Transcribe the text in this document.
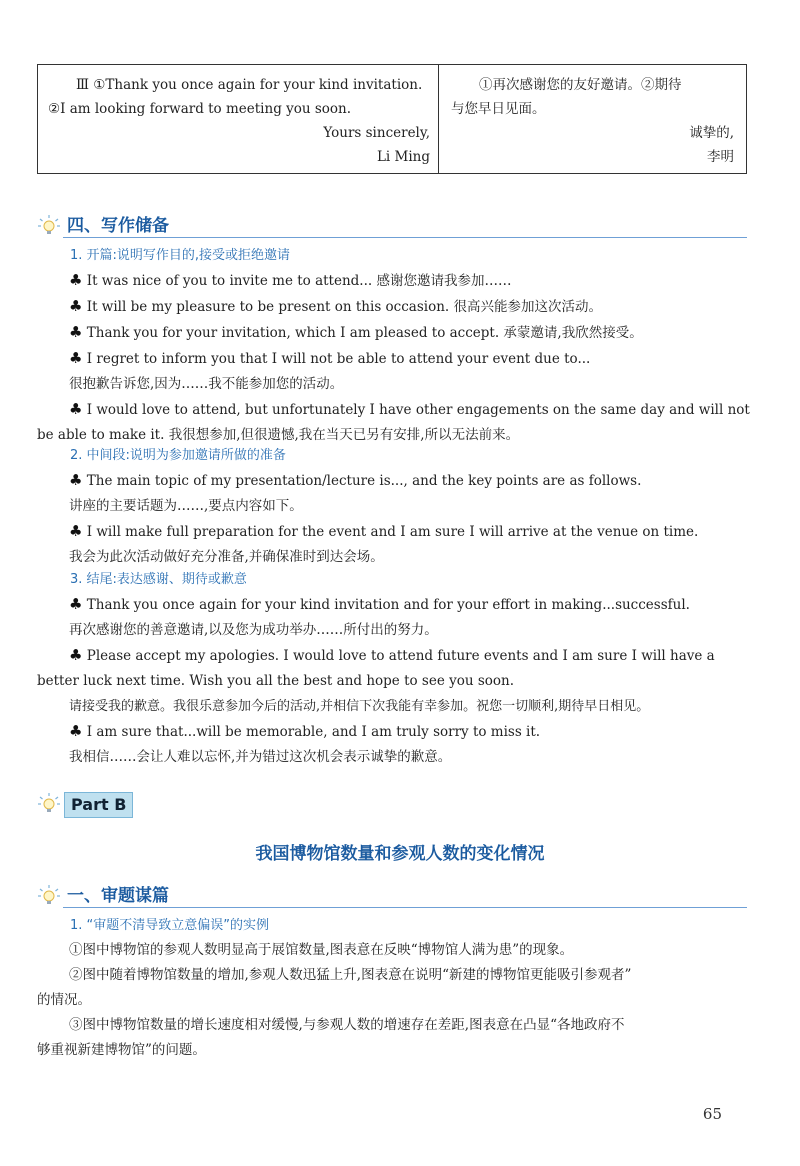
Ⅲ ①Thank you once again for your kind invitation.
②I am looking forward to meeting you soon.
Yours sincerely,
Li Ming
①再次感谢您的友好邀请。②期待
与您早日见面。
诚挚的,
李明
四、写作储备
1. 开篇:说明写作目的,接受或拒绝邀请
♣ It was nice of you to invite me to attend... 感谢您邀请我参加……
♣ It will be my pleasure to be present on this occasion. 很高兴能参加这次活动。
♣ Thank you for your invitation, which I am pleased to accept. 承蒙邀请,我欣然接受。
♣ I regret to inform you that I will not be able to attend your event due to...
很抱歉告诉您,因为……我不能参加您的活动。
♣ I would love to attend, but unfortunately I have other engagements on the same day and will not
be able to make it. 我很想参加,但很遗憾,我在当天已另有安排,所以无法前来。
2. 中间段:说明为参加邀请所做的准备
♣ The main topic of my presentation/lecture is..., and the key points are as follows.
讲座的主要话题为……,要点内容如下。
♣ I will make full preparation for the event and I am sure I will arrive at the venue on time.
我会为此次活动做好充分准备,并确保准时到达会场。
3. 结尾:表达感谢、期待或歉意
♣ Thank you once again for your kind invitation and for your effort in making...successful.
再次感谢您的善意邀请,以及您为成功举办……所付出的努力。
♣ Please accept my apologies. I would love to attend future events and I am sure I will have a
better luck next time. Wish you all the best and hope to see you soon.
请接受我的歉意。我很乐意参加今后的活动,并相信下次我能有幸参加。祝您一切顺利,期待早日相见。
♣ I am sure that...will be memorable, and I am truly sorry to miss it.
我相信……会让人难以忘怀,并为错过这次机会表示诚挚的歉意。
Part B
我国博物馆数量和参观人数的变化情况
一、审题谋篇
1. “审题不清导致立意偏误”的实例
①图中博物馆的参观人数明显高于展馆数量,图表意在反映“博物馆人满为患”的现象。
②图中随着博物馆数量的增加,参观人数迅猛上升,图表意在说明“新建的博物馆更能吸引参观者”
的情况。
③图中博物馆数量的增长速度相对缓慢,与参观人数的增速存在差距,图表意在凸显“各地政府不
够重视新建博物馆”的问题。
65
